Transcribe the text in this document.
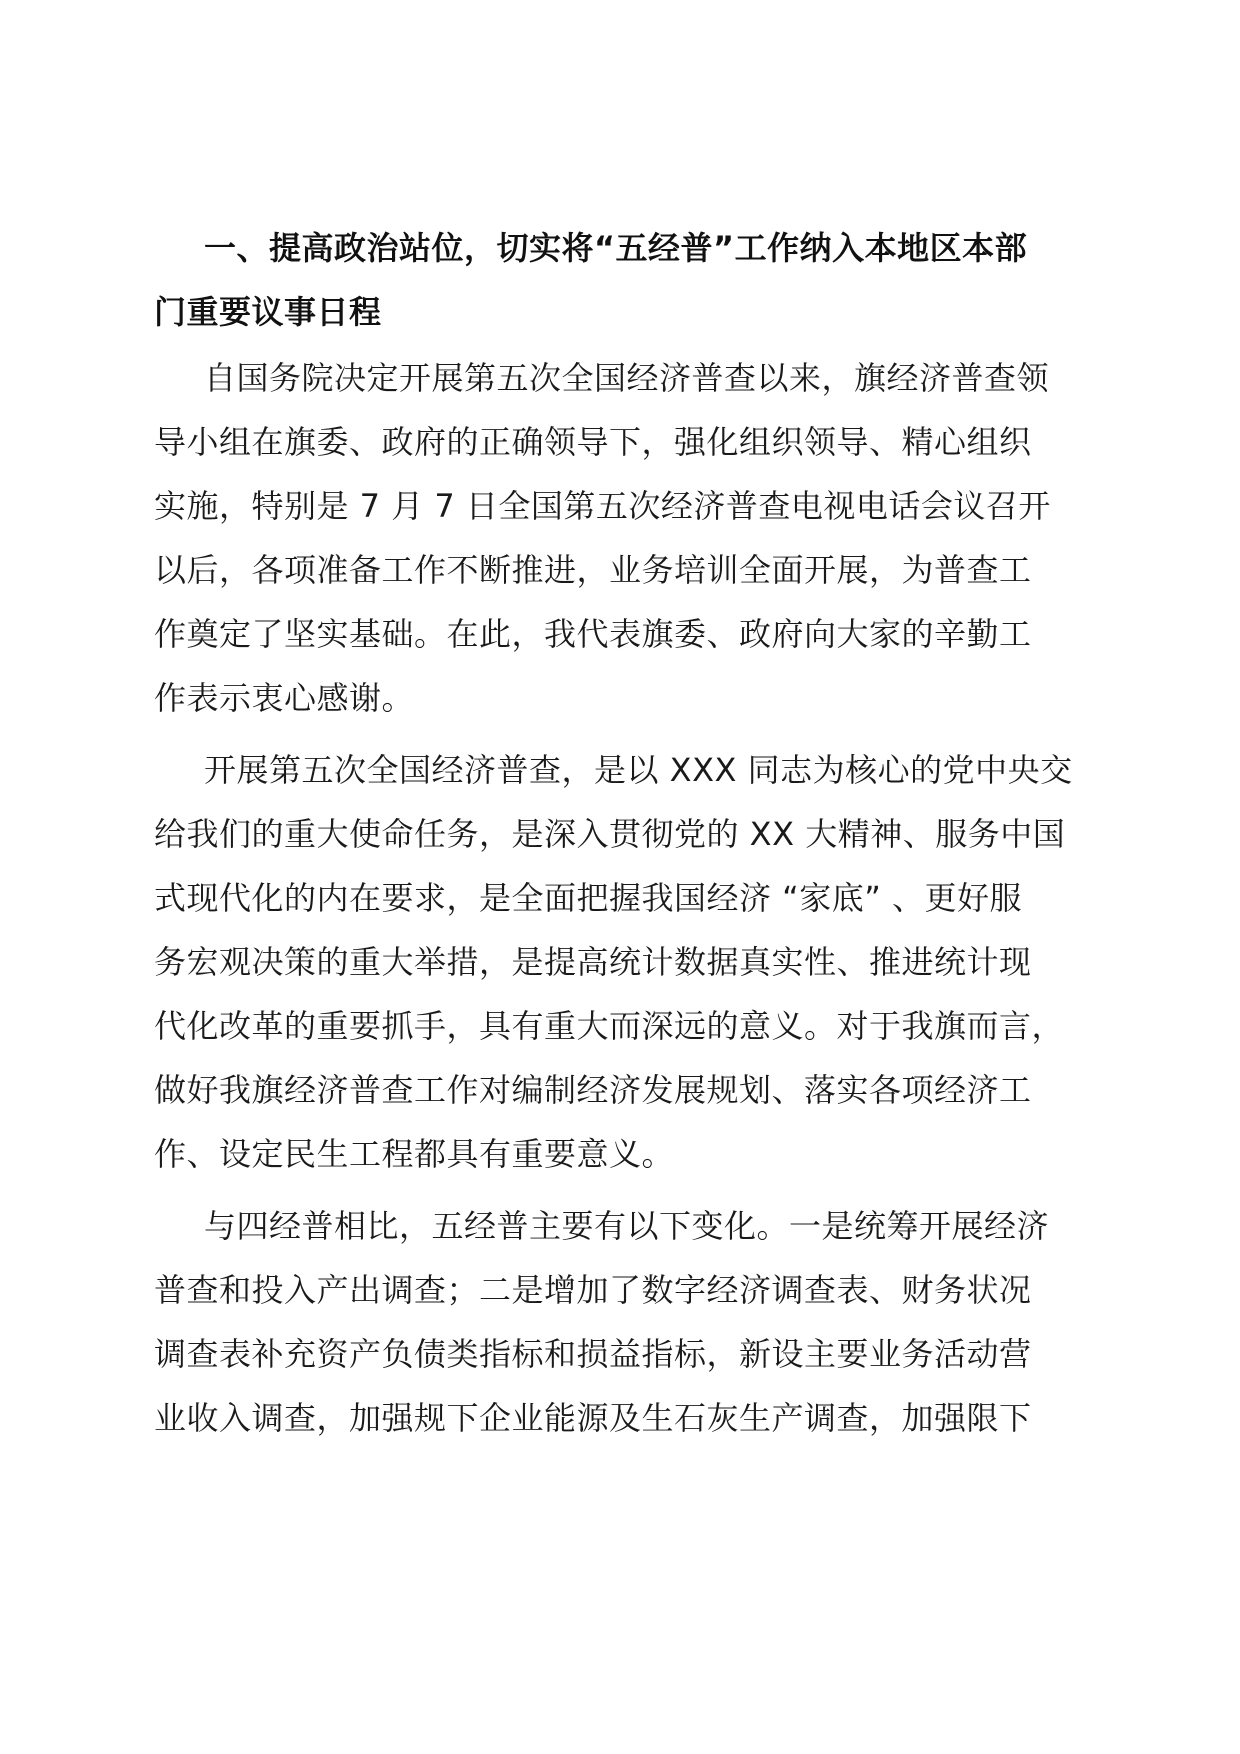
一、提高政治站位，切实将“五经普”工作纳入本地区本部
门重要议事日程
自国务院决定开展第五次全国经济普查以来，旗经济普查领
导小组在旗委、政府的正确领导下，强化组织领导、精心组织
实施，特别是 7 月 7 日全国第五次经济普查电视电话会议召开
以后，各项准备工作不断推进，业务培训全面开展，为普查工
作奠定了坚实基础。在此，我代表旗委、政府向大家的辛勤工
作表示衷心感谢。
开展第五次全国经济普查，是以 XXX 同志为核心的党中央交
给我们的重大使命任务，是深入贯彻党的 XX 大精神、服务中国
式现代化的内在要求，是全面把握我国经济 “家底” 、更好服
务宏观决策的重大举措，是提高统计数据真实性、推进统计现
代化改革的重要抓手，具有重大而深远的意义。对于我旗而言，
做好我旗经济普查工作对编制经济发展规划、落实各项经济工
作、设定民生工程都具有重要意义。
与四经普相比，五经普主要有以下变化。一是统筹开展经济
普查和投入产出调查；二是增加了数字经济调查表、财务状况
调查表补充资产负债类指标和损益指标，新设主要业务活动营
业收入调查，加强规下企业能源及生石灰生产调查，加强限下
